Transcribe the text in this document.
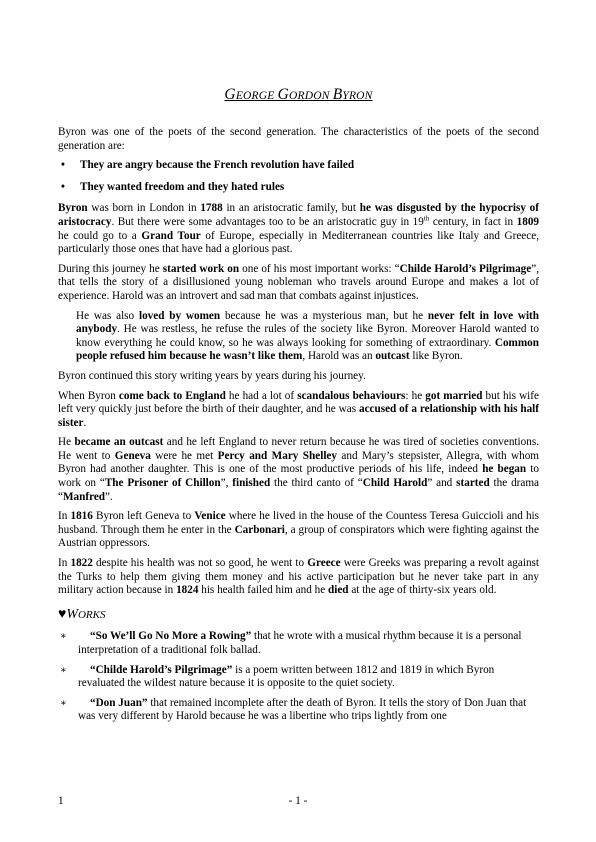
GEORGE GORDON BYRON

Byron was one of the poets of the second generation. The characteristics of the poets of the second generation are:

• They are angry because the French revolution have failed
• They wanted freedom and they hated rules

Byron was born in London in 1788 in an aristocratic family, but he was disgusted by the hypocrisy of aristocracy. But there were some advantages too to be an aristocratic guy in 19th century, in fact in 1809 he could go to a Grand Tour of Europe, especially in Mediterranean countries like Italy and Greece, particularly those ones that have had a glorious past.

During this journey he started work on one of his most important works: “Childe Harold’s Pilgrimage”, that tells the story of a disillusioned young nobleman who travels around Europe and makes a lot of experience. Harold was an introvert and sad man that combats against injustices.

He was also loved by women because he was a mysterious man, but he never felt in love with anybody. He was restless, he refuse the rules of the society like Byron. Moreover Harold wanted to know everything he could know, so he was always looking for something of extraordinary. Common people refused him because he wasn’t like them, Harold was an outcast like Byron.

Byron continued this story writing years by years during his journey.

When Byron come back to England he had a lot of scandalous behaviours: he got married but his wife left very quickly just before the birth of their daughter, and he was accused of a relationship with his half sister.

He became an outcast and he left England to never return because he was tired of societies conventions. He went to Geneva were he met Percy and Mary Shelley and Mary’s stepsister, Allegra, with whom Byron had another daughter. This is one of the most productive periods of his life, indeed he began to work on “The Prisoner of Chillon”, finished the third canto of “Child Harold” and started the drama “Manfred”.

In 1816 Byron left Geneva to Venice where he lived in the house of the Countess Teresa Guiccioli and his husband. Through them he enter in the Carbonari, a group of conspirators which were fighting against the Austrian oppressors.

In 1822 despite his health was not so good, he went to Greece were Greeks was preparing a revolt against the Turks to help them giving them money and his active participation but he never take part in any military action because in 1824 his health failed him and he died at the age of thirty-six years old.

♥WORKS
∗ “So We’ll Go No More a Rowing” that he wrote with a musical rhythm because it is a personal interpretation of a traditional folk ballad.
∗ “Childe Harold’s Pilgrimage” is a poem written between 1812 and 1819 in which Byron revaluated the wildest nature because it is opposite to the quiet society.
∗ “Don Juan” that remained incomplete after the death of Byron. It tells the story of Don Juan that was very different by Harold because he was a libertine who trips lightly from one
1	- 1 -
